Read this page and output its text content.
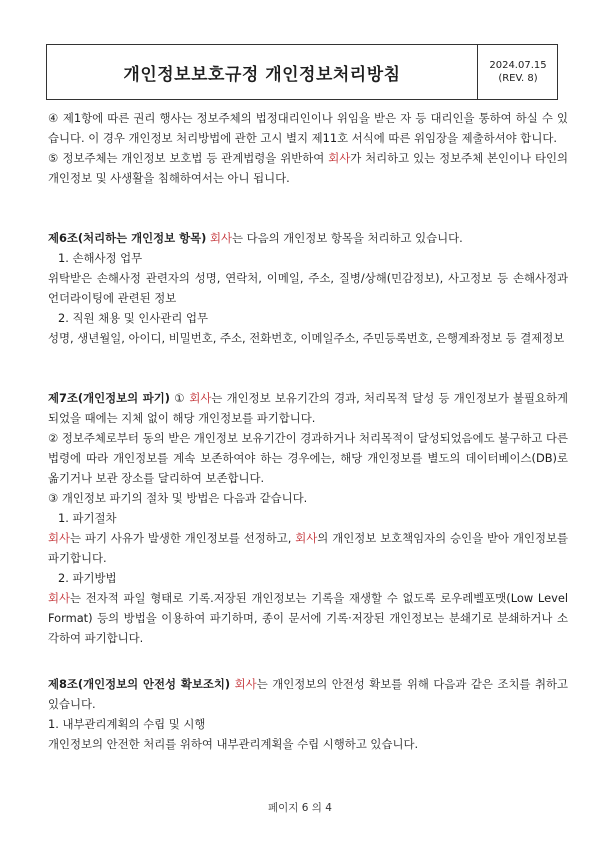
개인정보보호규정 개인정보처리방침	2024.07.15
(REV. 8)

④ 제1항에 따른 권리 행사는 정보주체의 법정대리인이나 위임을 받은 자 등 대리인을 통하여 하실 수 있습니다. 이 경우 개인정보 처리방법에 관한 고시 별지 제11호 서식에 따른 위임장을 제출하셔야 합니다.

⑤ 정보주체는 개인정보 보호법 등 관계법령을 위반하여 회사가 처리하고 있는 정보주체 본인이나 타인의 개인정보 및 사생활을 침해하여서는 아니 됩니다.

제6조(처리하는 개인정보 항목) 회사는 다음의 개인정보 항목을 처리하고 있습니다.

1. 손해사정 업무

위탁받은 손해사정 관련자의 성명, 연락처, 이메일, 주소, 질병/상해(민감정보), 사고정보 등 손해사정과 언더라이팅에 관련된 정보

2. 직원 채용 및 인사관리 업무

성명, 생년월일, 아이디, 비밀번호, 주소, 전화번호, 이메일주소, 주민등록번호, 은행계좌정보 등 결제정보

제7조(개인정보의 파기) ① 회사는 개인정보 보유기간의 경과, 처리목적 달성 등 개인정보가 불필요하게 되었을 때에는 지체 없이 해당 개인정보를 파기합니다.

② 정보주체로부터 동의 받은 개인정보 보유기간이 경과하거나 처리목적이 달성되었음에도 불구하고 다른 법령에 따라 개인정보를 계속 보존하여야 하는 경우에는, 해당 개인정보를 별도의 데이터베이스(DB)로 옮기거나 보관 장소를 달리하여 보존합니다.

③ 개인정보 파기의 절차 및 방법은 다음과 같습니다.

1. 파기절차

회사는 파기 사유가 발생한 개인정보를 선정하고, 회사의 개인정보 보호책임자의 승인을 받아 개인정보를 파기합니다.

2. 파기방법

회사는 전자적 파일 형태로 기록.저장된 개인정보는 기록을 재생할 수 없도록 로우레벨포맷(Low Level Format) 등의 방법을 이용하여 파기하며, 종이 문서에 기록·저장된 개인정보는 분쇄기로 분쇄하거나 소각하여 파기합니다.

제8조(개인정보의 안전성 확보조치) 회사는 개인정보의 안전성 확보를 위해 다음과 같은 조치를 취하고 있습니다.

1. 내부관리계획의 수립 및 시행

개인정보의 안전한 처리를 위하여 내부관리계획을 수립 시행하고 있습니다.

페이지 6 의 4
